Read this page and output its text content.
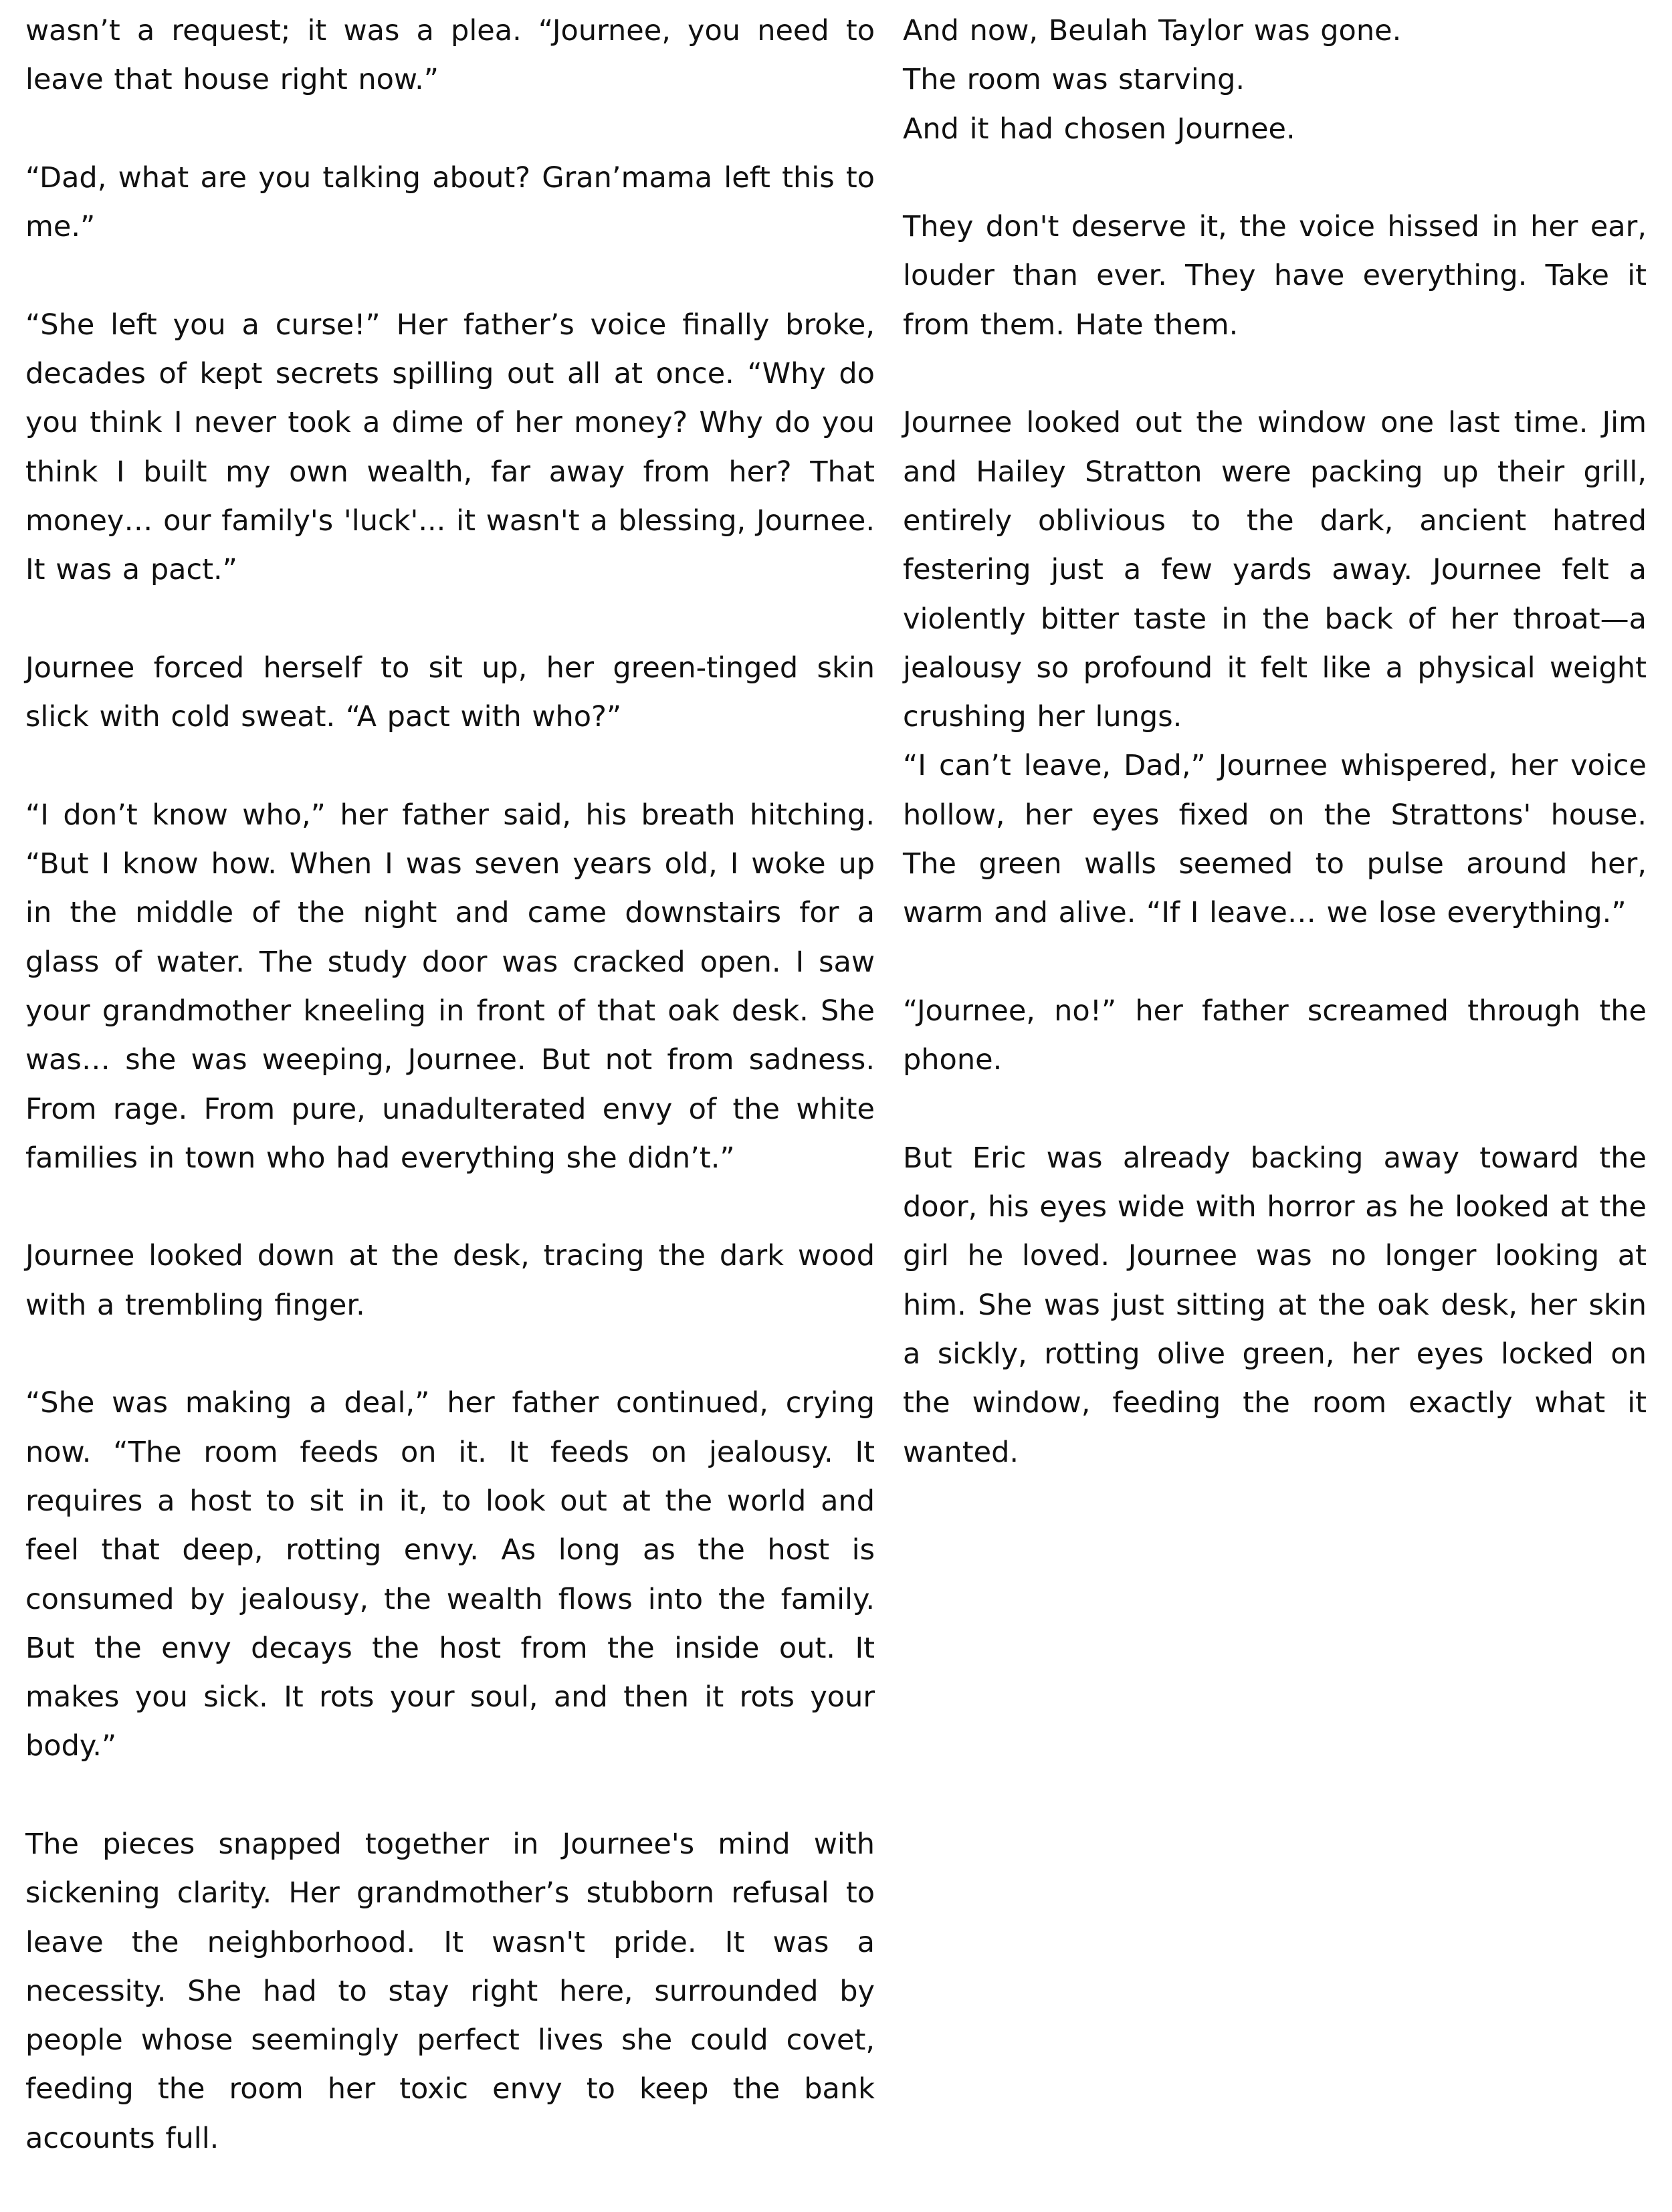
wasn’t a request; it was a plea. “Journee, you need to leave that house right now.”

“Dad, what are you talking about? Gran’mama left this to me.”

“She left you a curse!” Her father’s voice finally broke, decades of kept secrets spilling out all at once. “Why do you think I never took a dime of her money? Why do you think I built my own wealth, far away from her? That money… our family's 'luck'... it wasn't a blessing, Journee. It was a pact.”

Journee forced herself to sit up, her green-tinged skin slick with cold sweat. “A pact with who?”

“I don’t know who,” her father said, his breath hitching. “But I know how. When I was seven years old, I woke up in the middle of the night and came downstairs for a glass of water. The study door was cracked open. I saw your grandmother kneeling in front of that oak desk. She was… she was weeping, Journee. But not from sadness. From rage. From pure, unadulterated envy of the white families in town who had everything she didn’t.”

Journee looked down at the desk, tracing the dark wood with a trembling finger.

“She was making a deal,” her father continued, crying now. “The room feeds on it. It feeds on jealousy. It requires a host to sit in it, to look out at the world and feel that deep, rotting envy. As long as the host is consumed by jealousy, the wealth flows into the family. But the envy decays the host from the inside out. It makes you sick. It rots your soul, and then it rots your body.”

The pieces snapped together in Journee's mind with sickening clarity. Her grandmother’s stubborn refusal to leave the neighborhood. It wasn't pride. It was a necessity. She had to stay right here, surrounded by people whose seemingly perfect lives she could covet, feeding the room her toxic envy to keep the bank accounts full.

And now, Beulah Taylor was gone.

The room was starving.

And it had chosen Journee.

They don't deserve it, the voice hissed in her ear, louder than ever. They have everything. Take it from them. Hate them.

Journee looked out the window one last time. Jim and Hailey Stratton were packing up their grill, entirely oblivious to the dark, ancient hatred festering just a few yards away. Journee felt a violently bitter taste in the back of her throat—a jealousy so profound it felt like a physical weight crushing her lungs.

“I can’t leave, Dad,” Journee whispered, her voice hollow, her eyes fixed on the Strattons' house. The green walls seemed to pulse around her, warm and alive. “If I leave… we lose everything.”

“Journee, no!” her father screamed through the phone.

But Eric was already backing away toward the door, his eyes wide with horror as he looked at the girl he loved. Journee was no longer looking at him. She was just sitting at the oak desk, her skin a sickly, rotting olive green, her eyes locked on the window, feeding the room exactly what it wanted.
